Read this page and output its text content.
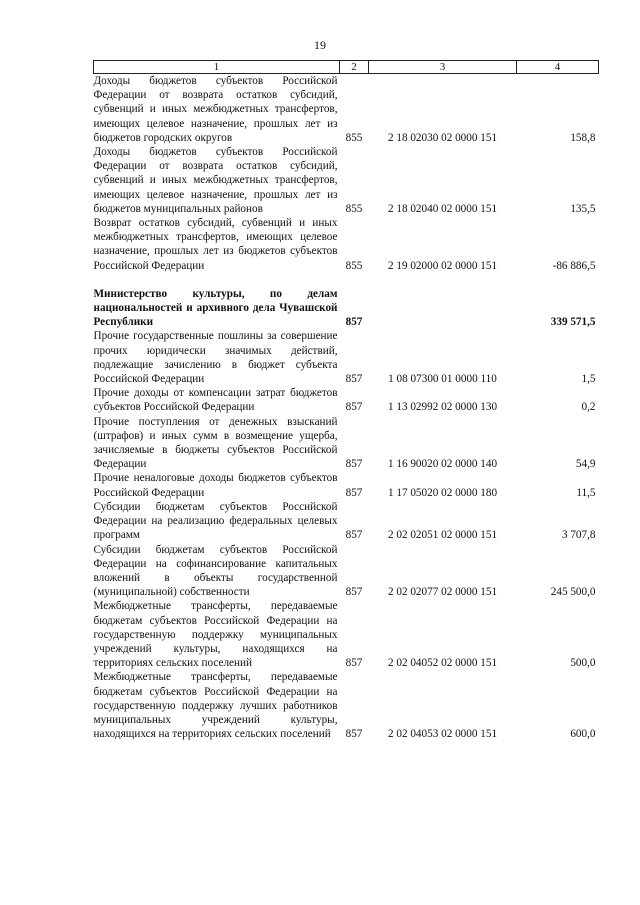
19
1	2	3	4
Доходы бюджетов субъектов Российской Федерации от возврата остатков субсидий, субвенций и иных межбюджетных трансфертов, имеющих целевое назначение, прошлых лет из бюджетов городских округов	855	2 18 02030 02 0000 151	158,8
Доходы бюджетов субъектов Российской Федерации от возврата остатков субсидий, субвенций и иных межбюджетных трансфертов, имеющих целевое назначение, прошлых лет из бюджетов муниципальных районов	855	2 18 02040 02 0000 151	135,5
Возврат остатков субсидий, субвенций и иных межбюджетных трансфертов, имеющих целевое назначение, прошлых лет из бюджетов субъектов Российской Федерации	855	2 19 02000 02 0000 151	-86 886,5

Министерство культуры, по делам национальностей и архивного дела Чувашской Республики	857		339 571,5
Прочие государственные пошлины за совершение прочих юридически значимых действий, подлежащие зачислению в бюджет субъекта Российской Федерации	857	1 08 07300 01 0000 110	1,5
Прочие доходы от компенсации затрат бюджетов субъектов Российской Федерации	857	1 13 02992 02 0000 130	0,2
Прочие поступления от денежных взысканий (штрафов) и иных сумм в возмещение ущерба, зачисляемые в бюджеты субъектов Российской Федерации	857	1 16 90020 02 0000 140	54,9
Прочие неналоговые доходы бюджетов субъектов Российской Федерации	857	1 17 05020 02 0000 180	11,5
Субсидии бюджетам субъектов Российской Федерации на реализацию федеральных целевых программ	857	2 02 02051 02 0000 151	3 707,8
Субсидии бюджетам субъектов Российской Федерации на софинансирование капитальных вложений в объекты государственной (муниципальной) собственности	857	2 02 02077 02 0000 151	245 500,0
Межбюджетные трансферты, передаваемые бюджетам субъектов Российской Федерации на государственную поддержку муниципальных учреждений культуры, находящихся на территориях сельских поселений	857	2 02 04052 02 0000 151	500,0
Межбюджетные трансферты, передаваемые бюджетам субъектов Российской Федерации на государственную поддержку лучших работников муниципальных учреждений культуры, находящихся на территориях сельских поселений	857	2 02 04053 02 0000 151	600,0
